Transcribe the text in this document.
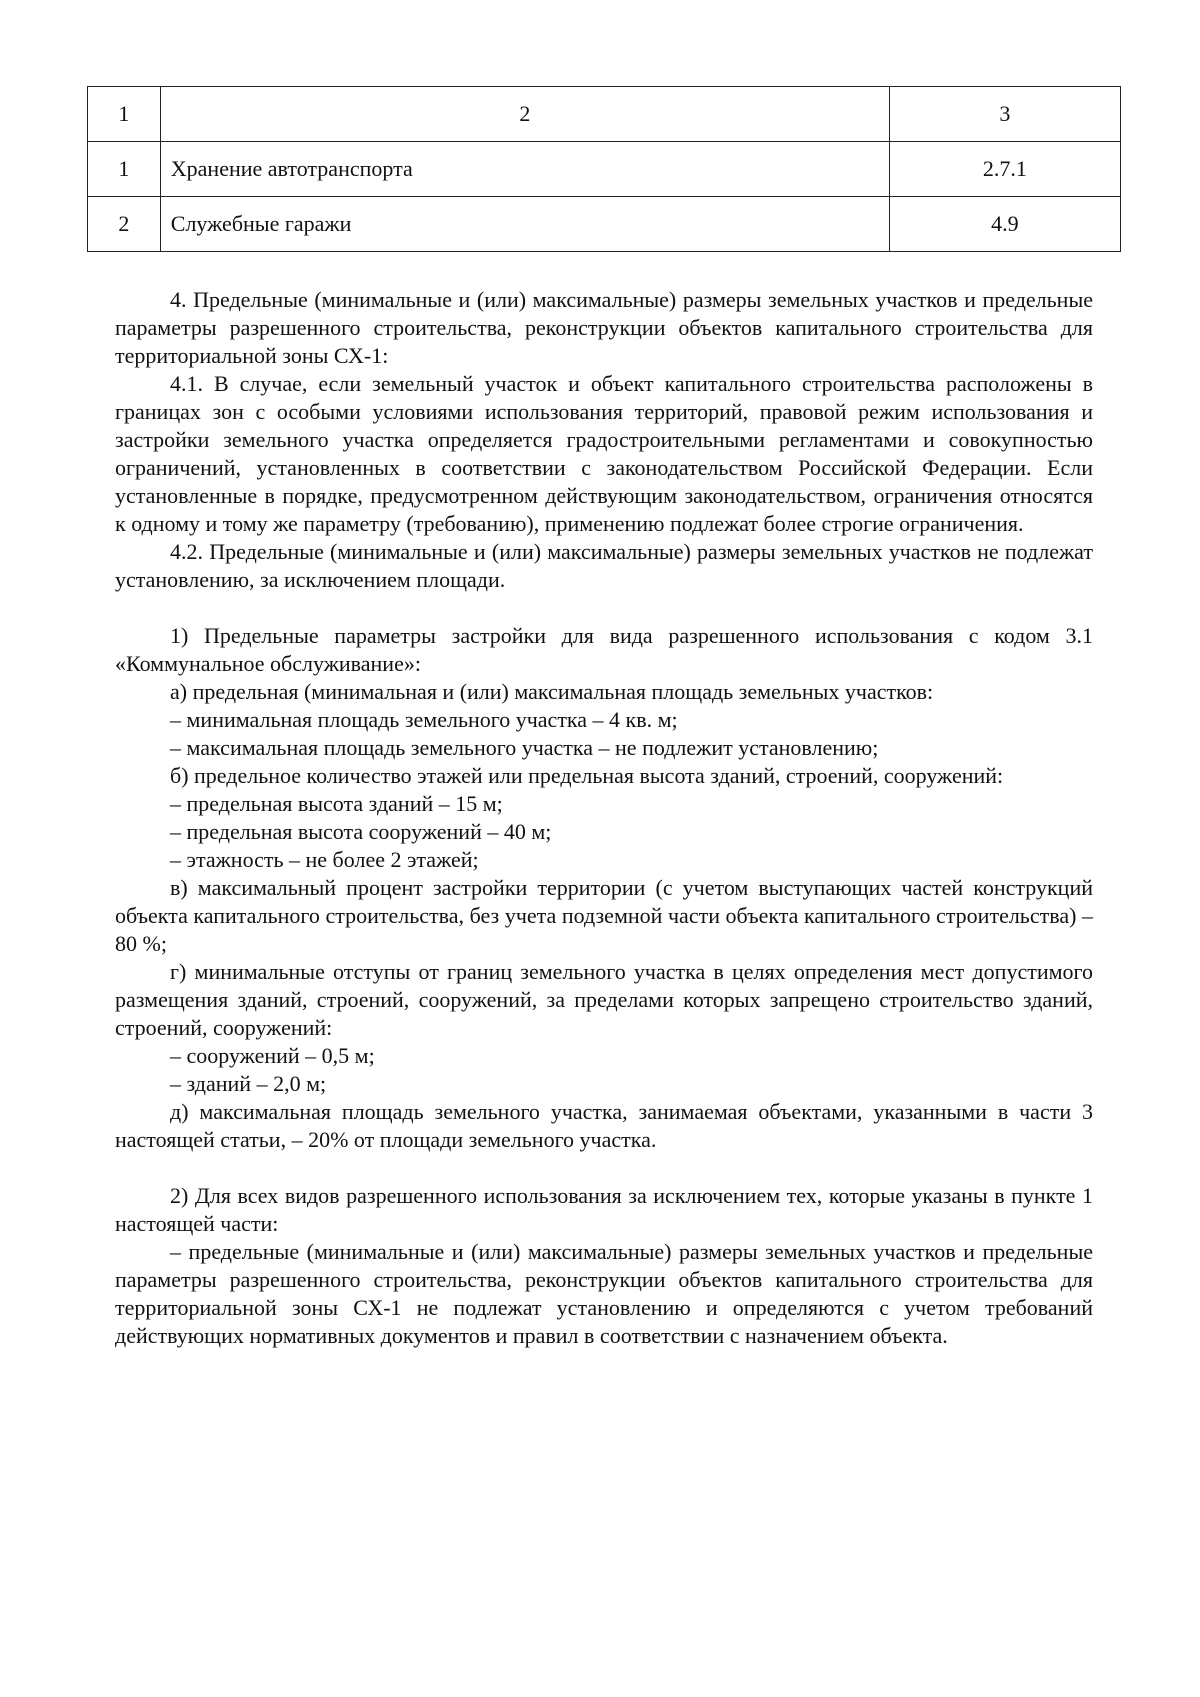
1	2	3
1	Хранение автотранспорта	2.7.1
2	Служебные гаражи	4.9

4. Предельные (минимальные и (или) максимальные) размеры земельных участков и предельные параметры разрешенного строительства, реконструкции объектов капитального строительства для территориальной зоны СХ-1:

4.1. В случае, если земельный участок и объект капитального строительства расположены в границах зон с особыми условиями использования территорий, правовой режим использования и застройки земельного участка определяется градостроительными регламентами и совокупностью ограничений, установленных в соответствии с законодательством Российской Федерации. Если установленные в порядке, предусмотренном действующим законодательством, ограничения относятся к одному и тому же параметру (требованию), применению подлежат более строгие ограничения.

4.2. Предельные (минимальные и (или) максимальные) размеры земельных участков не подлежат установлению, за исключением площади.

1) Предельные параметры застройки для вида разрешенного использования с кодом 3.1 «Коммунальное обслуживание»:

а) предельная (минимальная и (или) максимальная площадь земельных участков:

– минимальная площадь земельного участка – 4 кв. м;

– максимальная площадь земельного участка – не подлежит установлению;

б) предельное количество этажей или предельная высота зданий, строений, сооружений:

– предельная высота зданий – 15 м;

– предельная высота сооружений – 40 м;

– этажность – не более 2 этажей;

в) максимальный процент застройки территории (с учетом выступающих частей конструкций объекта капитального строительства, без учета подземной части объекта капитального строительства) – 80 %;

г) минимальные отступы от границ земельного участка в целях определения мест допустимого размещения зданий, строений, сооружений, за пределами которых запрещено строительство зданий, строений, сооружений:

– сооружений – 0,5 м;

– зданий – 2,0 м;

д) максимальная площадь земельного участка, занимаемая объектами, указанными в части 3 настоящей статьи, – 20% от площади земельного участка.

2) Для всех видов разрешенного использования за исключением тех, которые указаны в пункте 1 настоящей части:

– предельные (минимальные и (или) максимальные) размеры земельных участков и предельные параметры разрешенного строительства, реконструкции объектов капитального строительства для территориальной зоны СХ-1 не подлежат установлению и определяются с учетом требований действующих нормативных документов и правил в соответствии с назначением объекта.
